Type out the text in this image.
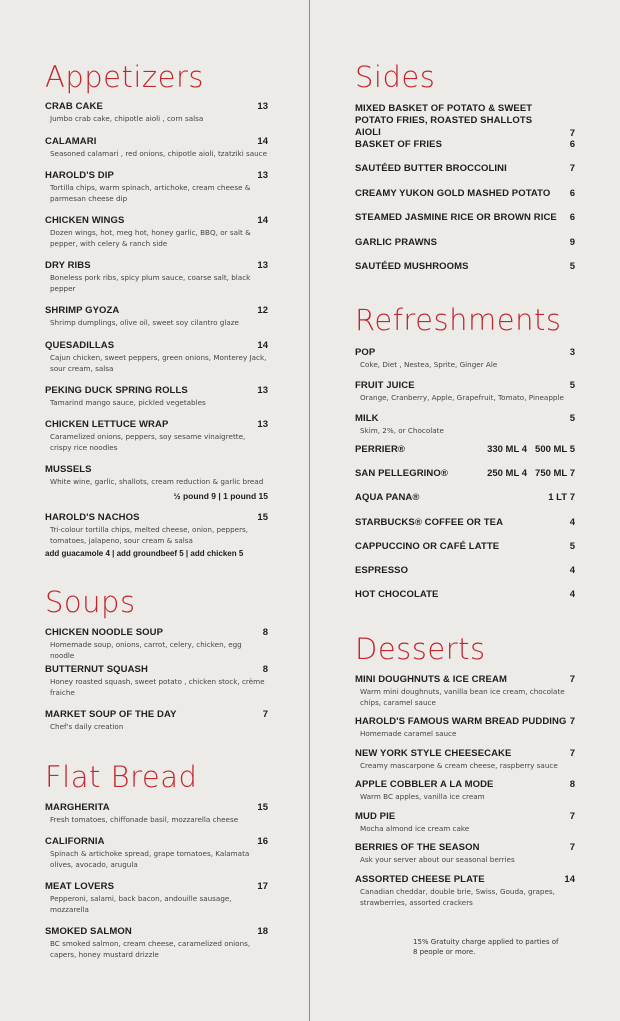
Appetizers
CRAB CAKE	13
Jumbo crab cake, chipotle aioli , corn salsa
CALAMARI	14
Seasoned calamari , red onions, chipotle aioli, tzatziki sauce
HAROLD'S DIP	13
Tortilla chips, warm spinach, artichoke, cream cheese & parmesan cheese dip
CHICKEN WINGS	14
Dozen wings, hot, meg hot, honey garlic, BBQ, or salt & pepper, with celery & ranch side
DRY RIBS	13
Boneless pork ribs, spicy plum sauce, coarse salt, black pepper
SHRIMP GYOZA	12
Shrimp dumplings, olive oil, sweet soy cilantro glaze
QUESADILLAS	14
Cajun chicken, sweet peppers, green onions, Monterey Jack, sour cream, salsa
PEKING DUCK SPRING ROLLS	13
Tamarind mango sauce, pickled vegetables
CHICKEN LETTUCE WRAP	13
Caramelized onions, peppers, soy sesame vinaigrette, crispy rice noodles
MUSSELS
White wine, garlic, shallots, cream reduction & garlic bread
½ pound 9 | 1 pound 15
HAROLD'S NACHOS	15
Tri-colour tortilla chips, melted cheese, onion, peppers, tomatoes, jalapeno, sour cream & salsa
add guacamole 4 | add groundbeef 5 | add chicken 5
Soups
CHICKEN NOODLE SOUP	8
Homemade soup, onions, carrot, celery, chicken, egg noodle
BUTTERNUT SQUASH	8
Honey roasted squash, sweet potato , chicken stock, crème fraiche
MARKET SOUP OF THE DAY	7
Chef's daily creation
Flat Bread
MARGHERITA	15
Fresh tomatoes, chiffonade basil, mozzarella cheese
CALIFORNIA	16
Spinach & artichoke spread, grape tomatoes, Kalamata olives, avocado, arugula
MEAT LOVERS	17
Pepperoni, salami, back bacon, andouille sausage, mozzarella
SMOKED SALMON	18
BC smoked salmon, cream cheese, caramelized onions, capers, honey mustard drizzle
Sides
MIXED BASKET OF POTATO & SWEET POTATO FRIES, ROASTED SHALLOTS AIOLI	7
BASKET OF FRIES	6
SAUTÉED BUTTER BROCCOLINI	7
CREAMY YUKON GOLD MASHED POTATO 6
STEAMED JASMINE RICE OR BROWN RICE 6
GARLIC PRAWNS	9
SAUTÉED MUSHROOMS	5
Refreshments
POP	3
Coke, Diet , Nestea, Sprite, Ginger Ale
FRUIT JUICE	5
Orange, Cranberry, Apple, Grapefruit, Tomato, Pineapple
MILK	5
Skim, 2%, or Chocolate
PERRIER®	330 ML 4 500 ML 5
SAN PELLEGRINO®	250 ML 4 750 ML 7
AQUA PANA®	1 LT 7
STARBUCKS® COFFEE OR TEA	4
CAPPUCCINO OR CAFÉ LATTE	5
ESPRESSO	4
HOT CHOCOLATE	4
Desserts
MINI DOUGHNUTS & ICE CREAM	7
Warm mini doughnuts, vanilla bean ice cream, chocolate chips, caramel sauce
HAROLD'S FAMOUS WARM BREAD PUDDING 7
Homemade caramel sauce
NEW YORK STYLE CHEESECAKE	7
Creamy mascarpone & cream cheese, raspberry sauce
APPLE COBBLER A LA MODE	8
Warm BC apples, vanilla ice cream
MUD PIE	7
Mocha almond ice cream cake
BERRIES OF THE SEASON	7
Ask your server about our seasonal berries
ASSORTED CHEESE PLATE	14
Canadian cheddar, double brie, Swiss, Gouda, grapes, strawberries, assorted crackers
15% Gratuity charge applied to parties of 8 people or more.
